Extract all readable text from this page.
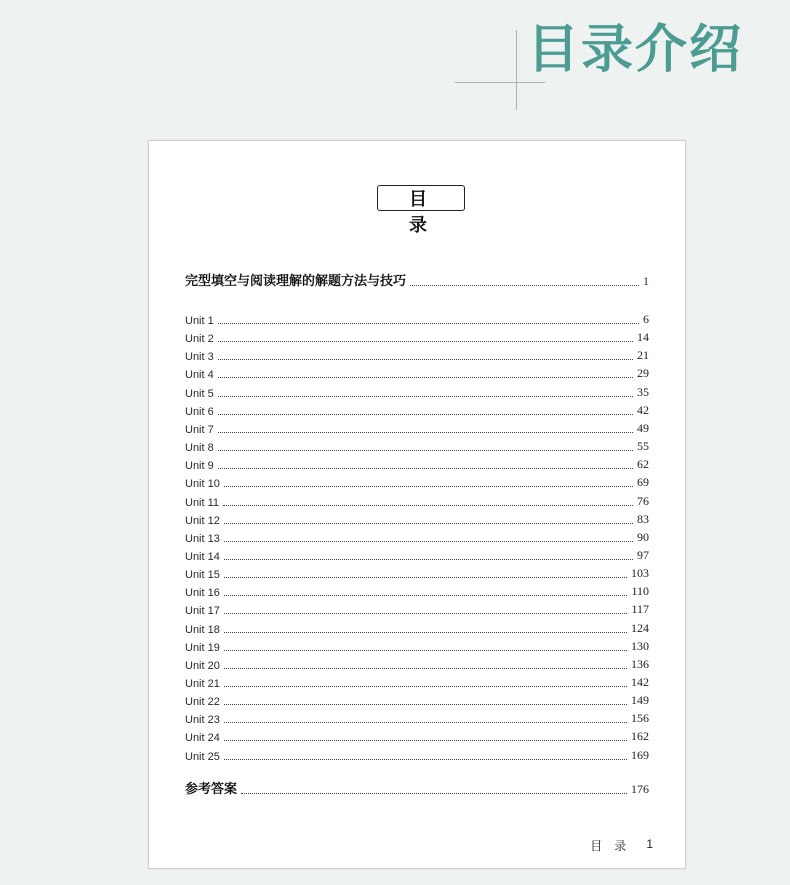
目录介绍
目 录
完型填空与阅读理解的解题方法与技巧	1
Unit 1	6
Unit 2	14
Unit 3	21
Unit 4	29
Unit 5	35
Unit 6	42
Unit 7	49
Unit 8	55
Unit 9	62
Unit 10	69
Unit 11	76
Unit 12	83
Unit 13	90
Unit 14	97
Unit 15	103
Unit 16	110
Unit 17	117
Unit 18	124
Unit 19	130
Unit 20	136
Unit 21	142
Unit 22	149
Unit 23	156
Unit 24	162
Unit 25	169
参考答案	176
目 录 1
